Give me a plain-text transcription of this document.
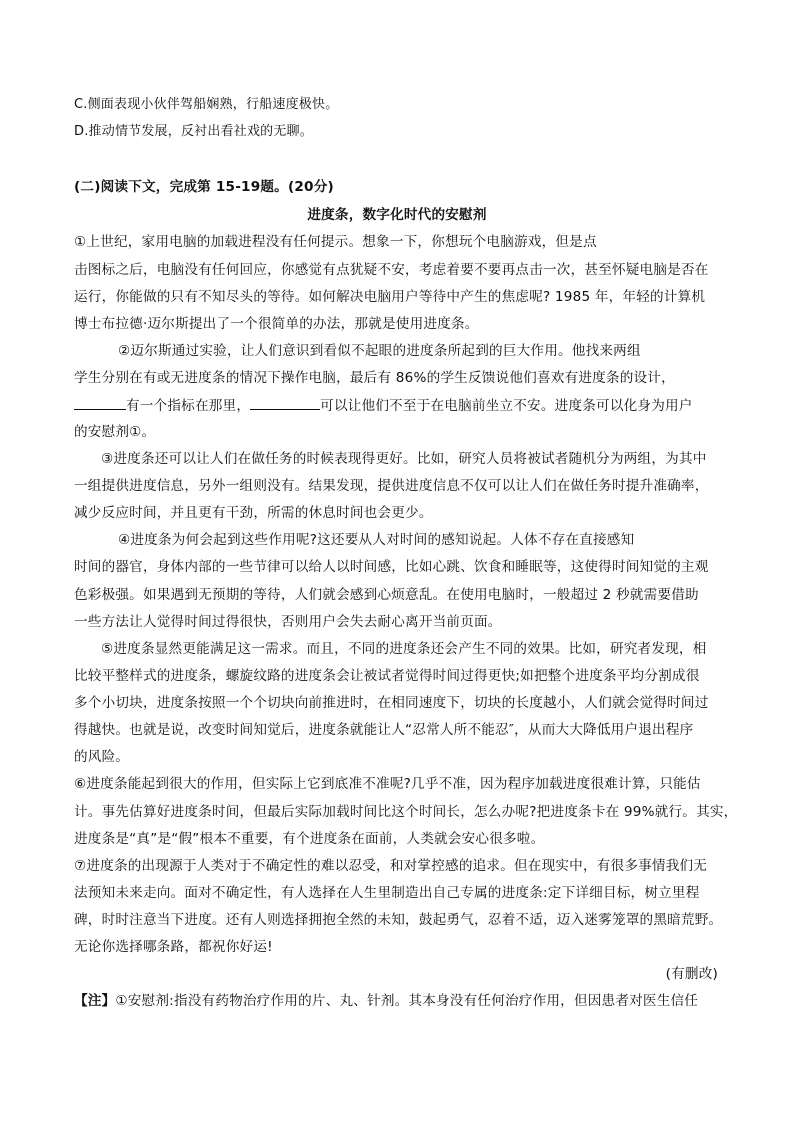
C.侧面表现小伙伴驾船娴熟，行船速度极快。

D.推动情节发展，反衬出看社戏的无聊。

(二)阅读下文，完成第 15-19题。(20分)

进度条，数字化时代的安慰剂

①上世纪，家用电脑的加载进程没有任何提示。想象一下，你想玩个电脑游戏，但是点

击图标之后，电脑没有任何回应，你感觉有点犹疑不安，考虑着要不要再点击一次，甚至怀疑电脑是否在

运行，你能做的只有不知尽头的等待。如何解决电脑用户等待中产生的焦虑呢? 1985 年，年轻的计算机

博士布拉德·迈尔斯提出了一个很简单的办法，那就是使用进度条。

②迈尔斯通过实验，让人们意识到看似不起眼的进度条所起到的巨大作用。他找来两组

学生分别在有或无进度条的情况下操作电脑，最后有 86%的学生反馈说他们喜欢有进度条的设计，

有一个指标在那里，	可以让他们不至于在电脑前坐立不安。进度条可以化身为用户

的安慰剂①。

③进度条还可以让人们在做任务的时候表现得更好。比如，研究人员将被试者随机分为两组，为其中

一组提供进度信息，另外一组则没有。结果发现，提供进度信息不仅可以让人们在做任务时提升准确率，

减少反应时间，并且更有干劲，所需的休息时间也会更少。

④进度条为何会起到这些作用呢?这还要从人对时间的感知说起。人体不存在直接感知

时间的器官，身体内部的一些节律可以给人以时间感，比如心跳、饮食和睡眠等，这使得时间知觉的主观

色彩极强。如果遇到无预期的等待，人们就会感到心烦意乱。在使用电脑时，一般超过 2 秒就需要借助

一些方法让人觉得时间过得很快，否则用户会失去耐心离开当前页面。

⑤进度条显然更能满足这一需求。而且，不同的进度条还会产生不同的效果。比如，研究者发现，相

比较平整样式的进度条，螺旋纹路的进度条会让被试者觉得时间过得更快;如把整个进度条平均分割成很

多个小切块，进度条按照一个个切块向前推进时，在相同速度下，切块的长度越小，人们就会觉得时间过

得越快。也就是说，改变时间知觉后，进度条就能让人“忍常人所不能忍″，从而大大降低用户退出程序

的风险。

⑥进度条能起到很大的作用，但实际上它到底准不准呢?几乎不准，因为程序加载进度很难计算，只能估

计。事先估算好进度条时间，但最后实际加载时间比这个时间长，怎么办呢?把进度条卡在 99%就行。其实，

进度条是“真”是“假”根本不重要，有个进度条在面前，人类就会安心很多啦。

⑦进度条的出现源于人类对于不确定性的难以忍受，和对掌控感的追求。但在现实中，有很多事情我们无

法预知未来走向。面对不确定性，有人选择在人生里制造出自己专属的进度条:定下详细目标，树立里程

碑，时时注意当下进度。还有人则选择拥抱全然的未知，鼓起勇气，忍着不适，迈入迷雾笼罩的黑暗荒野。

无论你选择哪条路，都祝你好运!

(有删改)

【注】①安慰剂:指没有药物治疗作用的片、丸、针剂。其本身没有任何治疗作用，但因患者对医生信任
